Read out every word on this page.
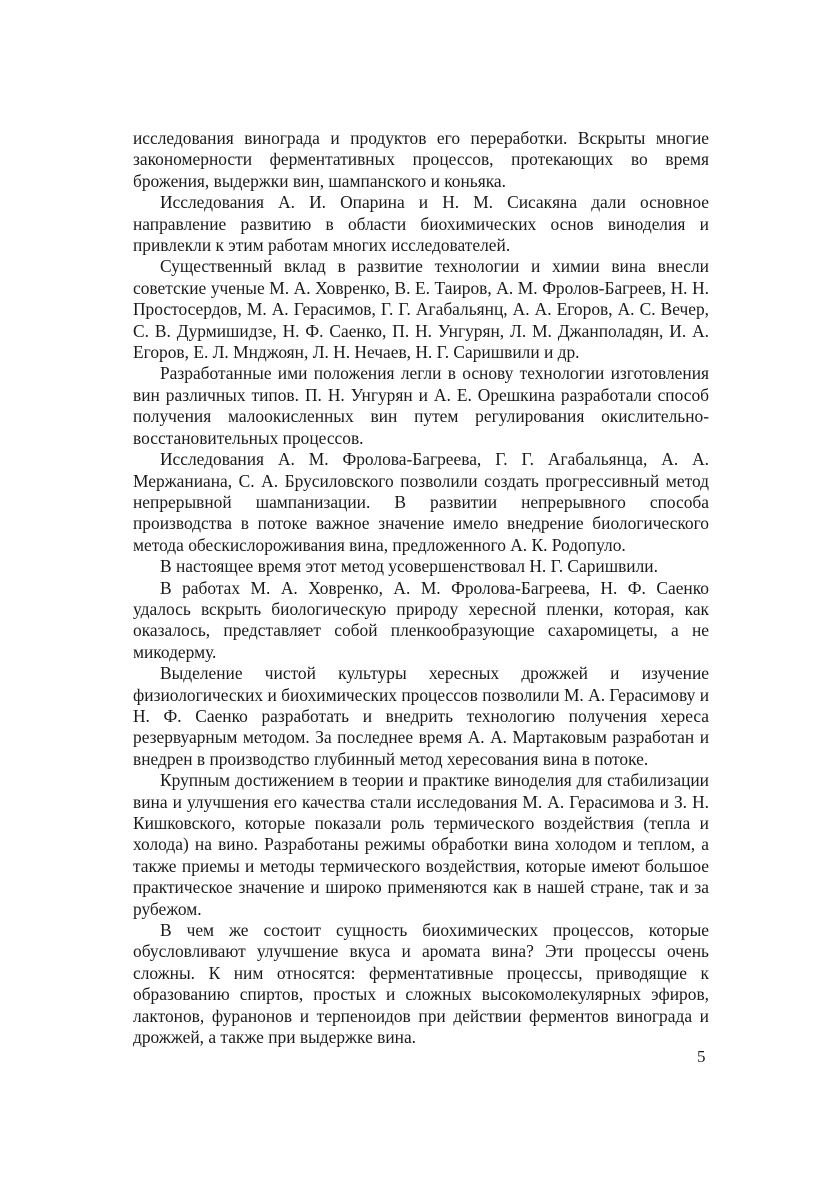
исследования винограда и продуктов его переработки. Вскрыты многие закономерности ферментативных процессов, протекающих во время брожения, выдержки вин, шампанского и коньяка.

Исследования А. И. Опарина и Н. М. Сисакяна дали основное направление развитию в области биохимических основ виноделия и привлекли к этим работам многих исследователей.

Существенный вклад в развитие технологии и химии вина внесли советские ученые М. А. Ховренко, В. Е. Таиров, А. М. Фролов-Багреев, Н. Н. Простосердов, М. А. Герасимов, Г. Г. Агабальянц, А. А. Егоров, А. С. Вечер, С. В. Дурмишидзе, Н. Ф. Саенко, П. Н. Унгурян, Л. М. Джанполадян, И. А. Егоров, Е. Л. Мнджоян, Л. Н. Нечаев, Н. Г. Саришвили и др.

Разработанные ими положения легли в основу технологии изготовления вин различных типов. П. Н. Унгурян и А. Е. Орешкина разработали способ получения малоокисленных вин путем регулирования окислительно-восстановительных процессов.

Исследования А. М. Фролова-Багреева, Г. Г. Агабальянца, А. А. Мержаниана, С. А. Брусиловского позволили создать прогрессивный метод непрерывной шампанизации. В развитии непрерывного способа производства в потоке важное значение имело внедрение биологического метода обескислороживания вина, предложенного А. К. Родопуло.

В настоящее время этот метод усовершенствовал Н. Г. Саришвили.

В работах М. А. Ховренко, А. М. Фролова-Багреева, Н. Ф. Саенко удалось вскрыть биологическую природу хересной пленки, которая, как оказалось, представляет собой пленкообразующие сахаромицеты, а не микодерму.

Выделение чистой культуры хересных дрожжей и изучение физиологических и биохимических процессов позволили М. А. Герасимову и Н. Ф. Саенко разработать и внедрить технологию получения хереса резервуарным методом. За последнее время А. А. Мартаковым разработан и внедрен в производство глубинный метод хересования вина в потоке.

Крупным достижением в теории и практике виноделия для стабилизации вина и улучшения его качества стали исследования М. А. Герасимова и З. Н. Кишковского, которые показали роль термического воздействия (тепла и холода) на вино. Разработаны режимы обработки вина холодом и теплом, а также приемы и методы термического воздействия, которые имеют большое практическое значение и широко применяются как в нашей стране, так и за рубежом.

В чем же состоит сущность биохимических процессов, которые обусловливают улучшение вкуса и аромата вина? Эти процессы очень сложны. К ним относятся: ферментативные процессы, приводящие к образованию спиртов, простых и сложных высокомолекулярных эфиров, лактонов, фуранонов и терпеноидов при действии ферментов винограда и дрожжей, а также при выдержке вина.

5
